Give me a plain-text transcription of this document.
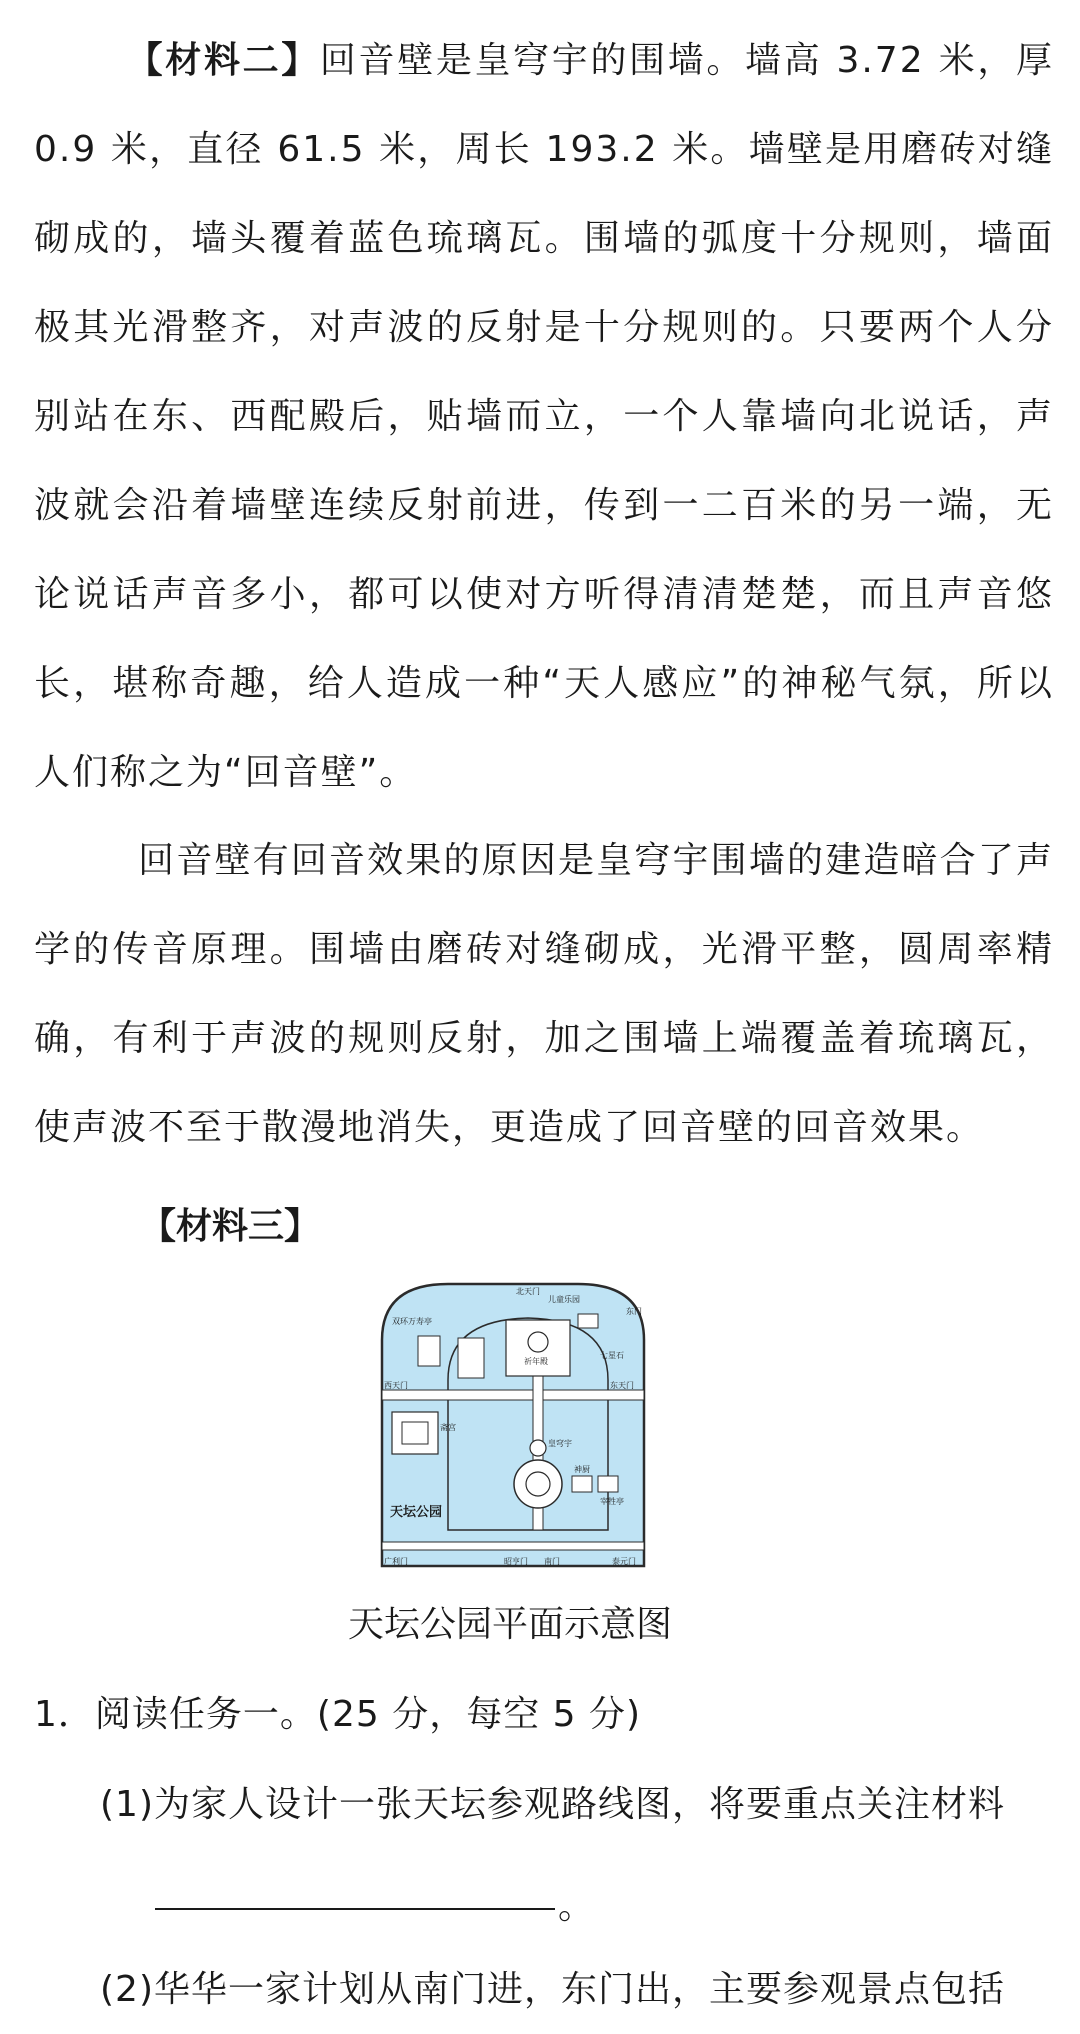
【材料二】回音壁是皇穹宇的围墙。墙高 3.72 米，厚 0.9 米，直径 61.5 米，周长 193.2 米。墙壁是用磨砖对缝砌成的，墙头覆着蓝色琉璃瓦。围墙的弧度十分规则，墙面极其光滑整齐，对声波的反射是十分规则的。只要两个人分别站在东、西配殿后，贴墙而立，一个人靠墙向北说话，声波就会沿着墙壁连续反射前进，传到一二百米的另一端，无论说话声音多小，都可以使对方听得清清楚楚，而且声音悠长，堪称奇趣，给人造成一种“天人感应”的神秘气氛，所以人们称之为“回音壁”。

回音壁有回音效果的原因是皇穹宇围墙的建造暗合了声学的传音原理。围墙由磨砖对缝砌成，光滑平整，圆周率精确，有利于声波的规则反射，加之围墙上端覆盖着琉璃瓦，使声波不至于散漫地消失，更造成了回音壁的回音效果。

【材料三】

北天门
东门
儿童乐园
祈年殿
七星石
双环万寿亭
西天门	东天门
斋宫
皇穹宇
神厨
宰牲亭
天坛公园
广利门	昭亨门 南门	泰元门

天坛公园平面示意图

1．阅读任务一。(25 分，每空 5 分)

(1)为家人设计一张天坛参观路线图，将要重点关注材料

。

(2)华华一家计划从南门进，东门出，主要参观景点包括
